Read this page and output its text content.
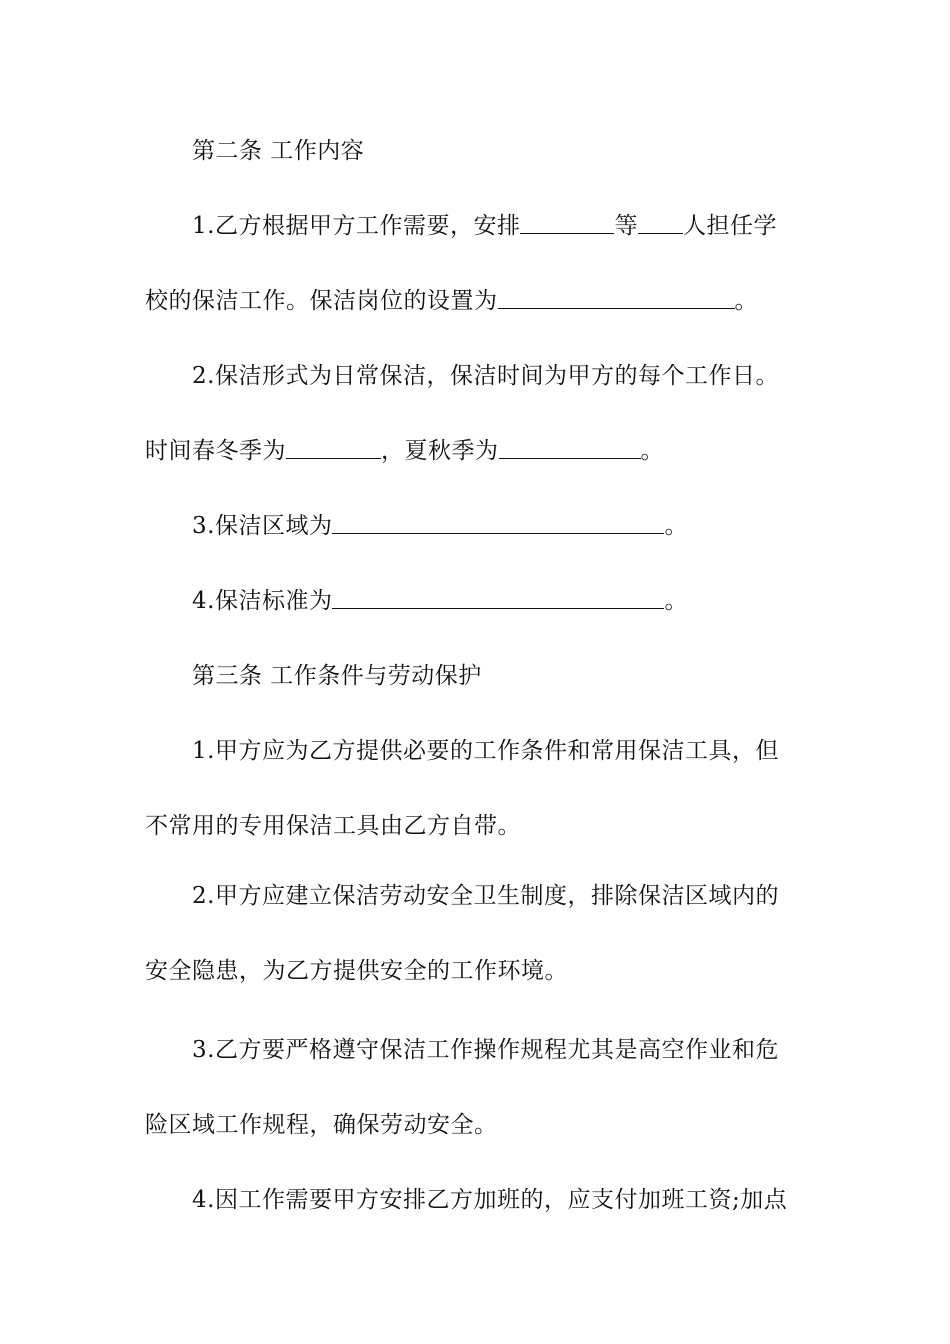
第二条 工作内容
1.乙方根据甲方工作需要，安排	等 人担任学
校的保洁工作。保洁岗位的设置为	。
2.保洁形式为日常保洁，保洁时间为甲方的每个工作日。
时间春冬季为	，夏秋季为	。
3.保洁区域为	。
4.保洁标准为	。
第三条 工作条件与劳动保护
1.甲方应为乙方提供必要的工作条件和常用保洁工具，但
不常用的专用保洁工具由乙方自带。
2.甲方应建立保洁劳动安全卫生制度，排除保洁区域内的
安全隐患，为乙方提供安全的工作环境。
3.乙方要严格遵守保洁工作操作规程尤其是高空作业和危
险区域工作规程，确保劳动安全。
4.因工作需要甲方安排乙方加班的，应支付加班工资;加点
